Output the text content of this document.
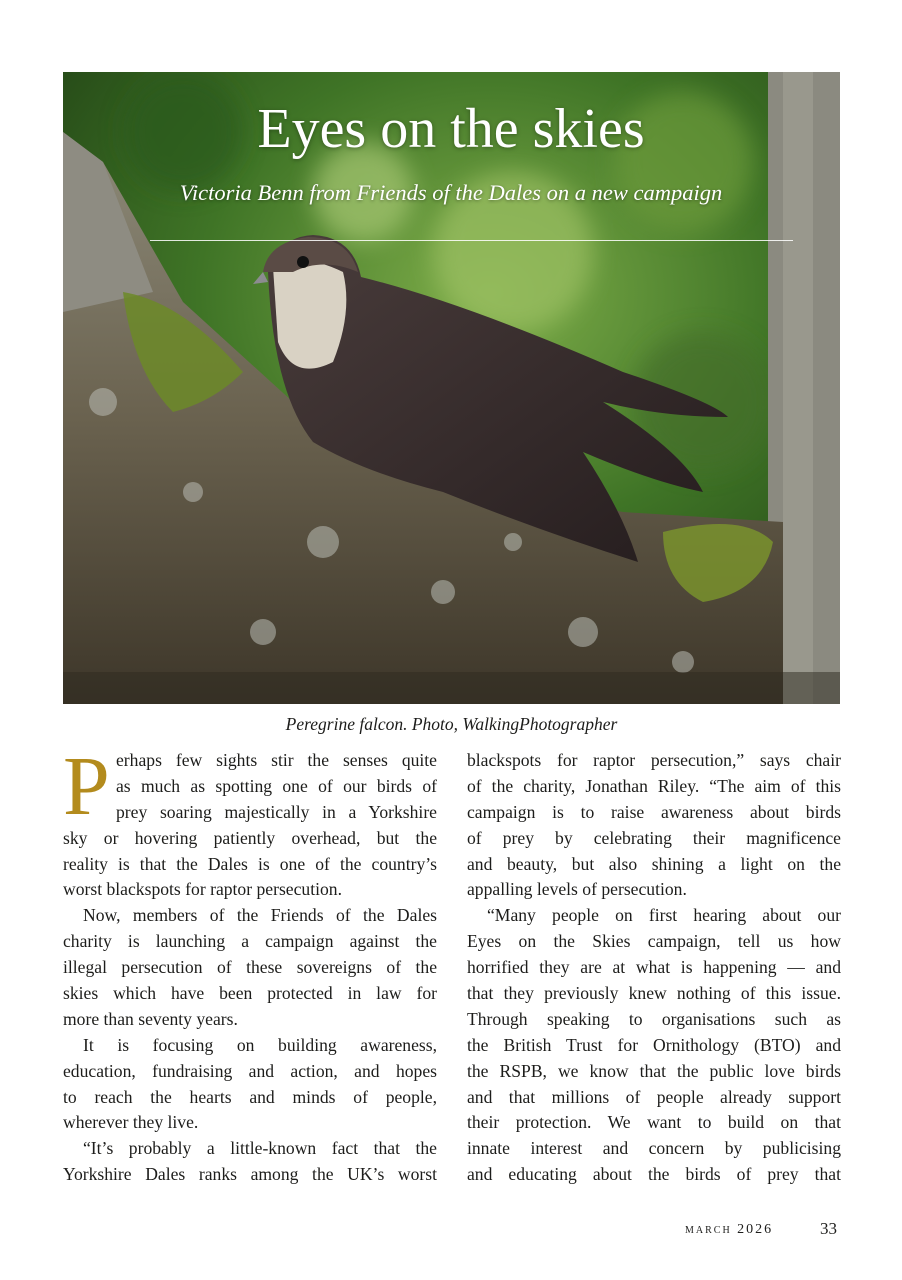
Eyes on the skies
Victoria Benn from Friends of the Dales on a new campaign
Peregrine falcon. Photo, WalkingPhotographer
P erhaps few sights stir the senses quite
as much as spotting one of our birds of
prey soaring majestically in a Yorkshire
sky or hovering patiently overhead, but the
reality is that the Dales is one of the country’s
worst blackspots for raptor persecution.
Now, members of the Friends of the Dales
charity is launching a campaign against the
illegal persecution of these sovereigns of the
skies which have been protected in law for
more than seventy years.
It is focusing on building awareness,
education, fundraising and action, and hopes
to reach the hearts and minds of people,
wherever they live.
“It’s probably a little-known fact that the
Yorkshire Dales ranks among the UK’s worst
blackspots for raptor persecution,” says chair
of the charity, Jonathan Riley. “The aim of this
campaign is to raise awareness about birds
of prey by celebrating their magnificence
and beauty, but also shining a light on the
appalling levels of persecution.
“Many people on first hearing about our
Eyes on the Skies campaign, tell us how
horrified they are at what is happening — and
that they previously knew nothing of this issue.
Through speaking to organisations such as
the British Trust for Ornithology (BTO) and
the RSPB, we know that the public love birds
and that millions of people already support
their protection. We want to build on that
innate interest and concern by publicising
and educating about the birds of prey that
march 2026	33
